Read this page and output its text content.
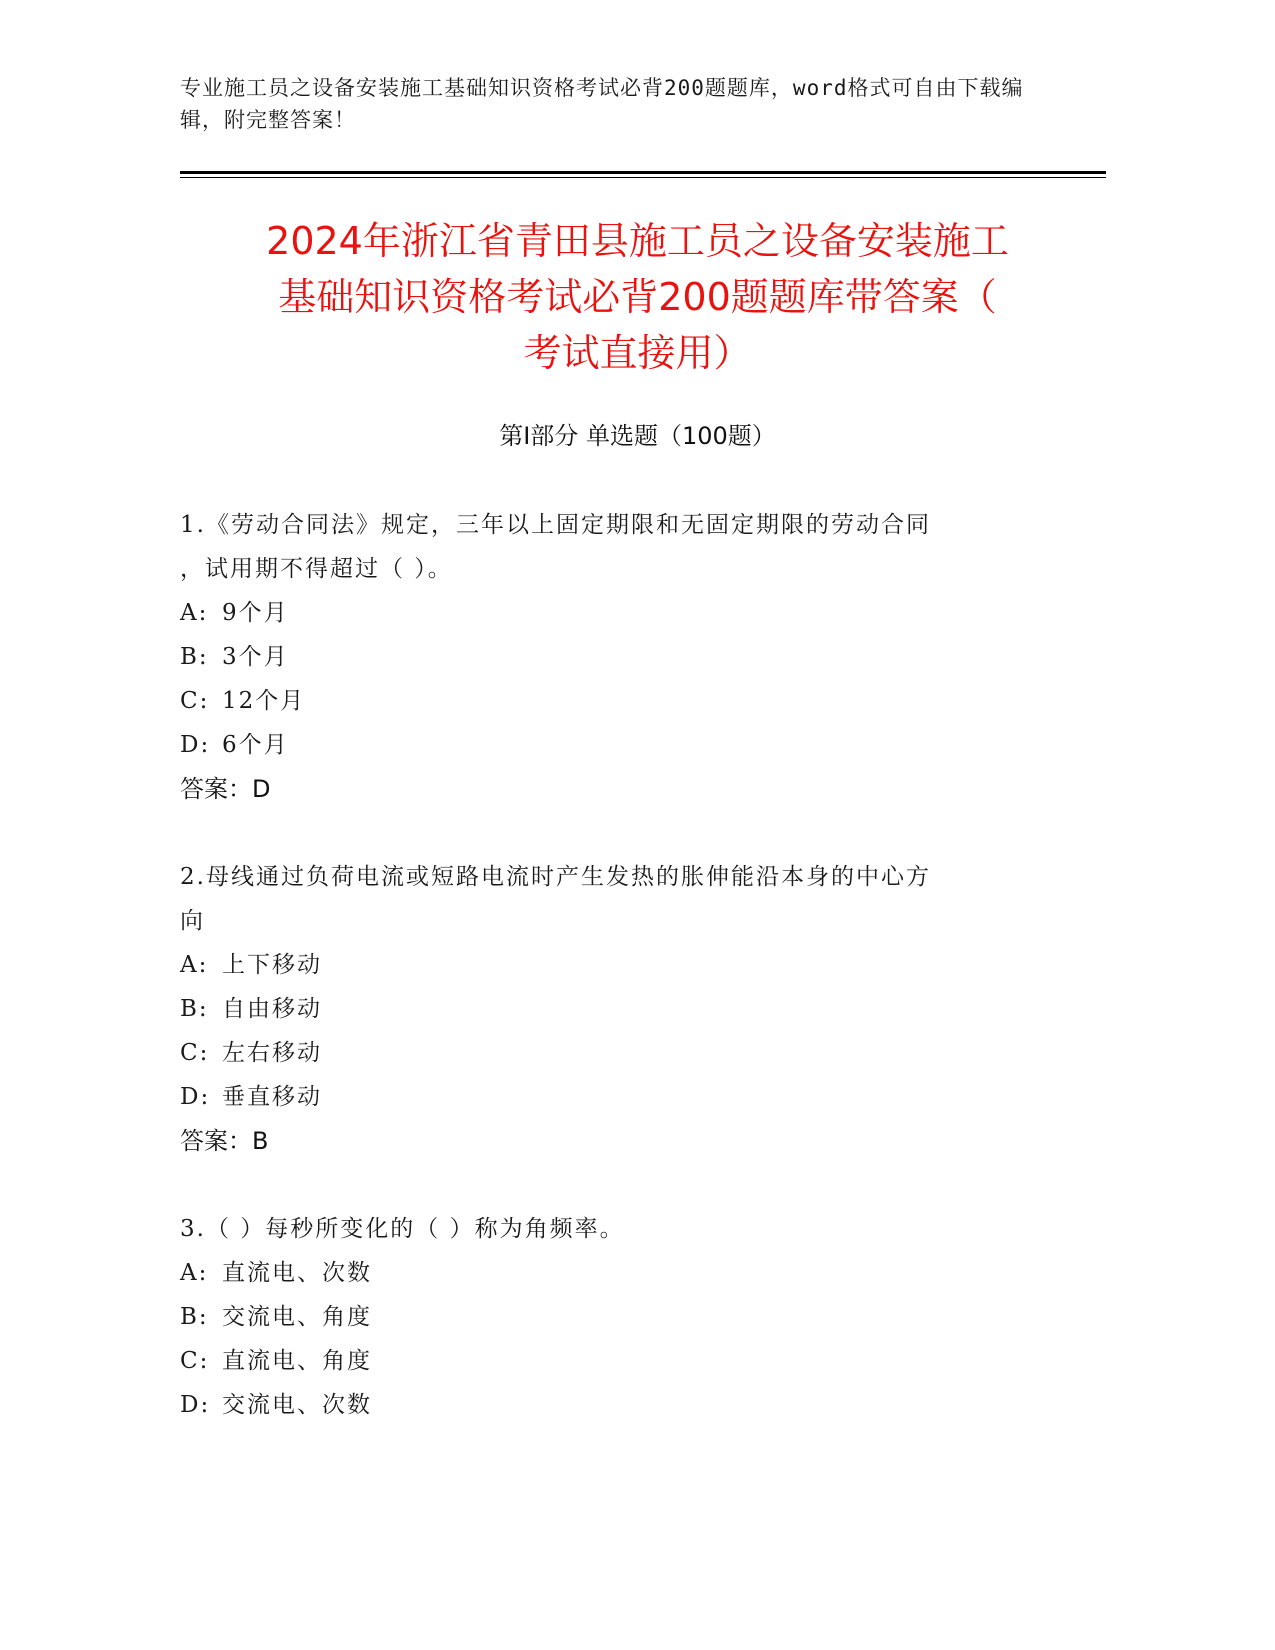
专业施工员之设备安装施工基础知识资格考试必背200题题库，word格式可自由下载编辑，附完整答案！
2024年浙江省青田县施工员之设备安装施工
基础知识资格考试必背200题题库带答案（
考试直接用）
第Ⅰ部分 单选题（100题）
1.《劳动合同法》规定，三年以上固定期限和无固定期限的劳动合同
，试用期不得超过（ ）。
A: 9个月
B: 3个月
C: 12个月
D: 6个月
答案：D
2.母线通过负荷电流或短路电流时产生发热的胀伸能沿本身的中心方
向
A: 上下移动
B: 自由移动
C: 左右移动
D: 垂直移动
答案：B
3.（ ）每秒所变化的（ ）称为角频率。
A: 直流电、次数
B: 交流电、角度
C: 直流电、角度
D: 交流电、次数
